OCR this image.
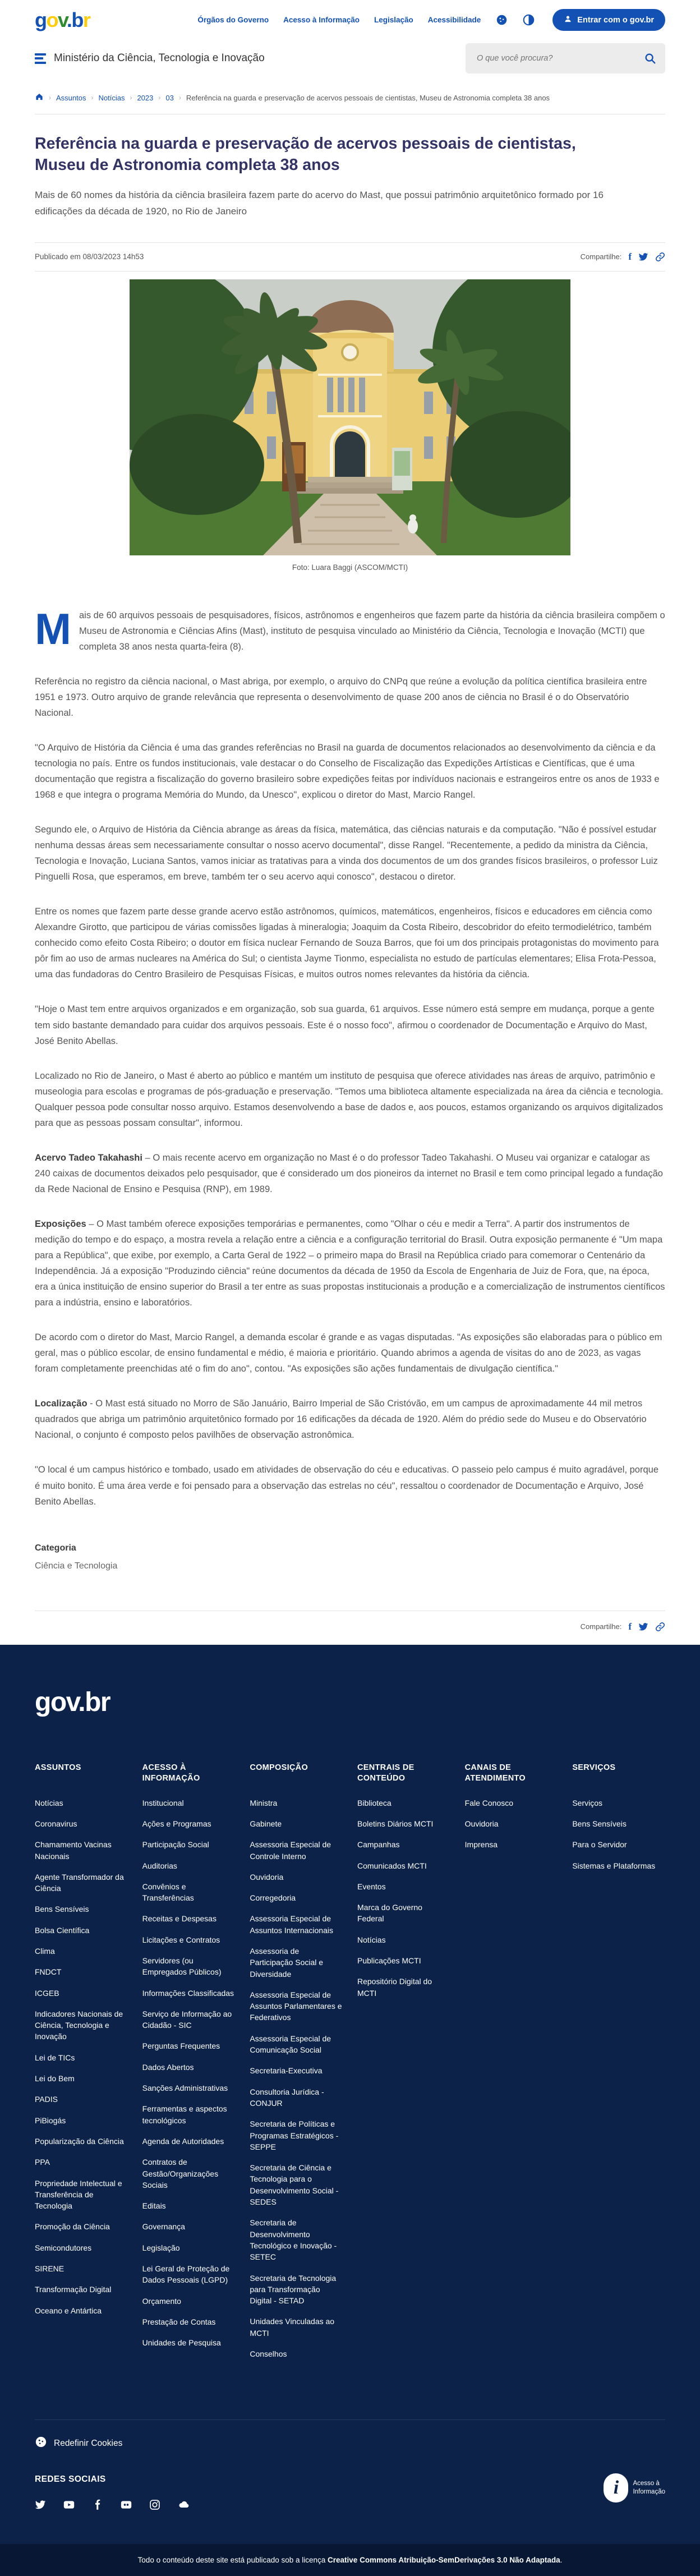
gov.br	Órgãos do Governo Acesso à Informação Legislação Acessibilidade	Entrar com o gov.br
Ministério da Ciência, Tecnologia e Inovação
O que você procura?
› Assuntos › Notícias › 2023 › 03 › Referência na guarda e preservação de acervos pessoais de cientistas, Museu de Astronomia completa 38 anos
Referência na guarda e preservação de acervos pessoais de cientistas, Museu de Astronomia completa 38 anos

Mais de 60 nomes da história da ciência brasileira fazem parte do acervo do Mast, que possui patrimônio arquitetônico formado por 16 edificações da década de 1920, no Rio de Janeiro

Publicado em 08/03/2023 14h53	Compartilhe: f
Foto: Luara Baggi (ASCOM/MCTI)

Mais de 60 arquivos pessoais de pesquisadores, físicos, astrônomos e engenheiros que fazem parte da história da ciência brasileira compõem o Museu de Astronomia e Ciências Afins (Mast), instituto de pesquisa vinculado ao Ministério da Ciência, Tecnologia e Inovação (MCTI) que completa 38 anos nesta quarta-feira (8).

Referência no registro da ciência nacional, o Mast abriga, por exemplo, o arquivo do CNPq que reúne a evolução da política científica brasileira entre 1951 e 1973. Outro arquivo de grande relevância que representa o desenvolvimento de quase 200 anos de ciência no Brasil é o do Observatório Nacional.

"O Arquivo de História da Ciência é uma das grandes referências no Brasil na guarda de documentos relacionados ao desenvolvimento da ciência e da tecnologia no país. Entre os fundos institucionais, vale destacar o do Conselho de Fiscalização das Expedições Artísticas e Científicas, que é uma documentação que registra a fiscalização do governo brasileiro sobre expedições feitas por indivíduos nacionais e estrangeiros entre os anos de 1933 e 1968 e que integra o programa Memória do Mundo, da Unesco", explicou o diretor do Mast, Marcio Rangel.

Segundo ele, o Arquivo de História da Ciência abrange as áreas da física, matemática, das ciências naturais e da computação. "Não é possível estudar nenhuma dessas áreas sem necessariamente consultar o nosso acervo documental", disse Rangel. "Recentemente, a pedido da ministra da Ciência, Tecnologia e Inovação, Luciana Santos, vamos iniciar as tratativas para a vinda dos documentos de um dos grandes físicos brasileiros, o professor Luiz Pinguelli Rosa, que esperamos, em breve, também ter o seu acervo aqui conosco", destacou o diretor.

Entre os nomes que fazem parte desse grande acervo estão astrônomos, químicos, matemáticos, engenheiros, físicos e educadores em ciência como Alexandre Girotto, que participou de várias comissões ligadas à mineralogia; Joaquim da Costa Ribeiro, descobridor do efeito termodielétrico, também conhecido como efeito Costa Ribeiro; o doutor em física nuclear Fernando de Souza Barros, que foi um dos principais protagonistas do movimento para pôr fim ao uso de armas nucleares na América do Sul; o cientista Jayme Tionmo, especialista no estudo de partículas elementares; Elisa Frota-Pessoa, uma das fundadoras do Centro Brasileiro de Pesquisas Físicas, e muitos outros nomes relevantes da história da ciência.

"Hoje o Mast tem entre arquivos organizados e em organização, sob sua guarda, 61 arquivos. Esse número está sempre em mudança, porque a gente tem sido bastante demandado para cuidar dos arquivos pessoais. Este é o nosso foco", afirmou o coordenador de Documentação e Arquivo do Mast, José Benito Abellas.

Localizado no Rio de Janeiro, o Mast é aberto ao público e mantém um instituto de pesquisa que oferece atividades nas áreas de arquivo, patrimônio e museologia para escolas e programas de pós-graduação e preservação. "Temos uma biblioteca altamente especializada na área da ciência e tecnologia. Qualquer pessoa pode consultar nosso arquivo. Estamos desenvolvendo a base de dados e, aos poucos, estamos organizando os arquivos digitalizados para que as pessoas possam consultar", informou.

Acervo Tadeo Takahashi – O mais recente acervo em organização no Mast é o do professor Tadeo Takahashi. O Museu vai organizar e catalogar as 240 caixas de documentos deixados pelo pesquisador, que é considerado um dos pioneiros da internet no Brasil e tem como principal legado a fundação da Rede Nacional de Ensino e Pesquisa (RNP), em 1989.

Exposições – O Mast também oferece exposições temporárias e permanentes, como "Olhar o céu e medir a Terra". A partir dos instrumentos de medição do tempo e do espaço, a mostra revela a relação entre a ciência e a configuração territorial do Brasil. Outra exposição permanente é "Um mapa para a República", que exibe, por exemplo, a Carta Geral de 1922 – o primeiro mapa do Brasil na República criado para comemorar o Centenário da Independência. Já a exposição "Produzindo ciência" reúne documentos da década de 1950 da Escola de Engenharia de Juiz de Fora, que, na época, era a única instituição de ensino superior do Brasil a ter entre as suas propostas institucionais a produção e a comercialização de instrumentos científicos para a indústria, ensino e laboratórios.

De acordo com o diretor do Mast, Marcio Rangel, a demanda escolar é grande e as vagas disputadas. "As exposições são elaboradas para o público em geral, mas o público escolar, de ensino fundamental e médio, é maioria e prioritário. Quando abrimos a agenda de visitas do ano de 2023, as vagas foram completamente preenchidas até o fim do ano", contou. "As exposições são ações fundamentais de divulgação científica."

Localização - O Mast está situado no Morro de São Januário, Bairro Imperial de São Cristóvão, em um campus de aproximadamente 44 mil metros quadrados que abriga um patrimônio arquitetônico formado por 16 edificações da década de 1920. Além do prédio sede do Museu e do Observatório Nacional, o conjunto é composto pelos pavilhões de observação astronômica.

"O local é um campus histórico e tombado, usado em atividades de observação do céu e educativas. O passeio pelo campus é muito agradável, porque é muito bonito. É uma área verde e foi pensado para a observação das estrelas no céu", ressaltou o coordenador de Documentação e Arquivo, José Benito Abellas.

Categoria
Ciência e Tecnologia
Compartilhe: f
gov.br
ASSUNTOS
Notícias
Coronavirus
Chamamento Vacinas Nacionais
Agente Transformador da Ciência
Bens Sensíveis
Bolsa Científica
Clima
FNDCT
ICGEB
Indicadores Nacionais de Ciência, Tecnologia e Inovação
Lei de TICs
Lei do Bem
PADIS
PiBiogás
Popularização da Ciência
PPA
Propriedade Intelectual e Transferência de Tecnologia
Promoção da Ciência
Semicondutores
SIRENE
Transformação Digital
Oceano e Antártica
ACESSO À INFORMAÇÃO
Institucional
Ações e Programas
Participação Social
Auditorias
Convênios e Transferências
Receitas e Despesas
Licitações e Contratos
Servidores (ou Empregados Públicos)
Informações Classificadas
Serviço de Informação ao Cidadão - SIC
Perguntas Frequentes
Dados Abertos
Sanções Administrativas
Ferramentas e aspectos tecnológicos
Agenda de Autoridades
Contratos de Gestão/Organizações Sociais
Editais
Governança
Legislação
Lei Geral de Proteção de Dados Pessoais (LGPD)
Orçamento
Prestação de Contas
Unidades de Pesquisa
COMPOSIÇÃO
Ministra
Gabinete
Assessoria Especial de Controle Interno
Ouvidoria
Corregedoria
Assessoria Especial de Assuntos Internacionais
Assessoria de Participação Social e Diversidade
Assessoria Especial de Assuntos Parlamentares e Federativos
Assessoria Especial de Comunicação Social
Secretaria-Executiva
Consultoria Jurídica - CONJUR
Secretaria de Políticas e Programas Estratégicos - SEPPE
Secretaria de Ciência e Tecnologia para o Desenvolvimento Social - SEDES
Secretaria de Desenvolvimento Tecnológico e Inovação - SETEC
Secretaria de Tecnologia para Transformação Digital - SETAD
Unidades Vinculadas ao MCTI
Conselhos
CENTRAIS DE CONTEÚDO
Biblioteca
Boletins Diários MCTI
Campanhas
Comunicados MCTI
Eventos
Marca do Governo Federal
Notícias
Publicações MCTI
Repositório Digital do MCTI
CANAIS DE ATENDIMENTO
Fale Conosco
Ouvidoria
Imprensa
SERVIÇOS
Serviços
Bens Sensíveis
Para o Servidor
Sistemas e Plataformas
Redefinir Cookies
REDES SOCIAIS	i	Acesso à
Informação
Todo o conteúdo deste site está publicado sob a licença Creative Commons Atribuição-SemDerivações 3.0 Não Adaptada.
